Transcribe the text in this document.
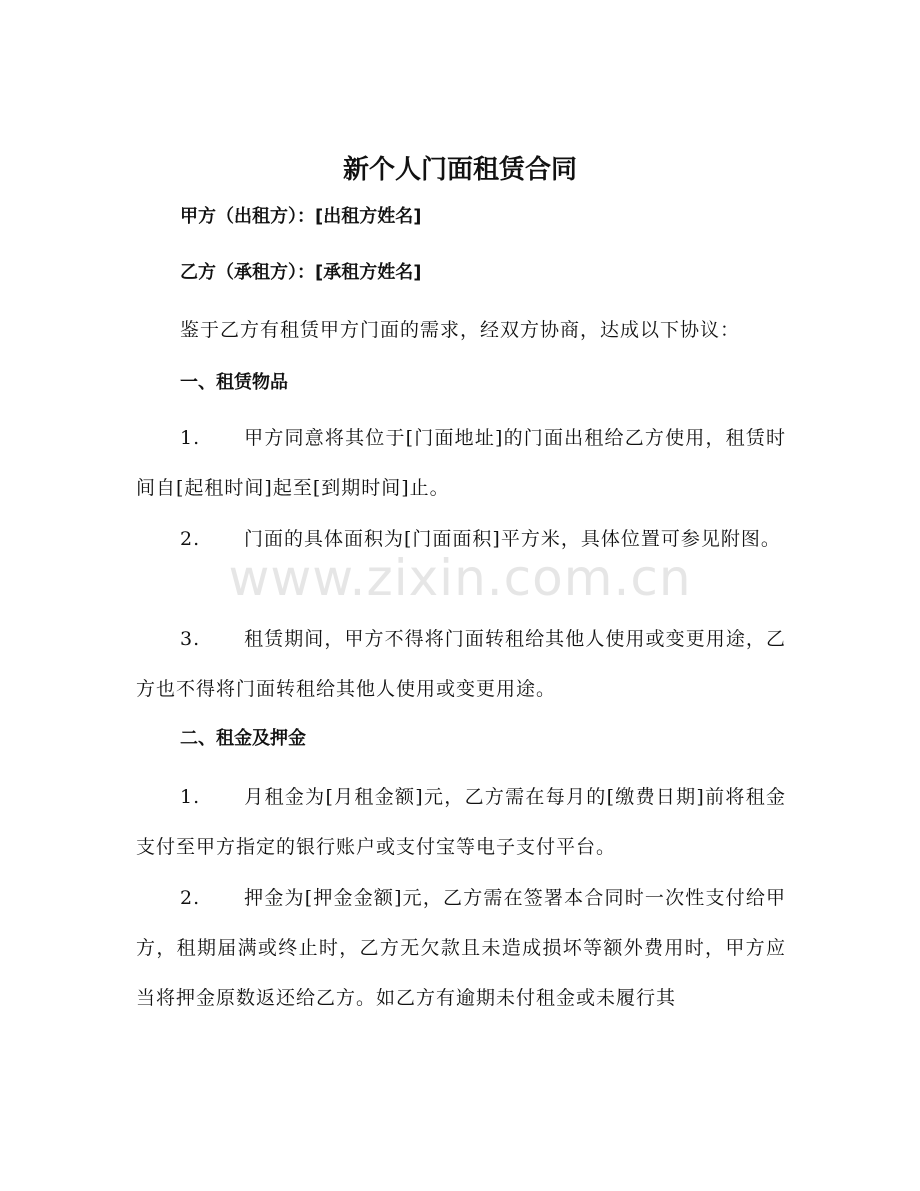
新个人门面租赁合同

甲方（出租方）：[出租方姓名]

乙方（承租方）：[承租方姓名]

鉴于乙方有租赁甲方门面的需求，经双方协商，达成以下协议：

一、租赁物品

1. 甲方同意将其位于[门面地址]的门面出租给乙方使用，租赁时间自[起租时间]起至[到期时间]止。

2. 门面的具体面积为[门面面积]平方米，具体位置可参见附图。

3. 租赁期间，甲方不得将门面转租给其他人使用或变更用途，乙方也不得将门面转租给其他人使用或变更用途。

二、租金及押金

1. 月租金为[月租金额]元，乙方需在每月的[缴费日期]前将租金支付至甲方指定的银行账户或支付宝等电子支付平台。

2. 押金为[押金金额]元，乙方需在签署本合同时一次性支付给甲方，租期届满或终止时，乙方无欠款且未造成损坏等额外费用时，甲方应当将押金原数返还给乙方。如乙方有逾期未付租金或未履行其

www.zixin.com.cn
